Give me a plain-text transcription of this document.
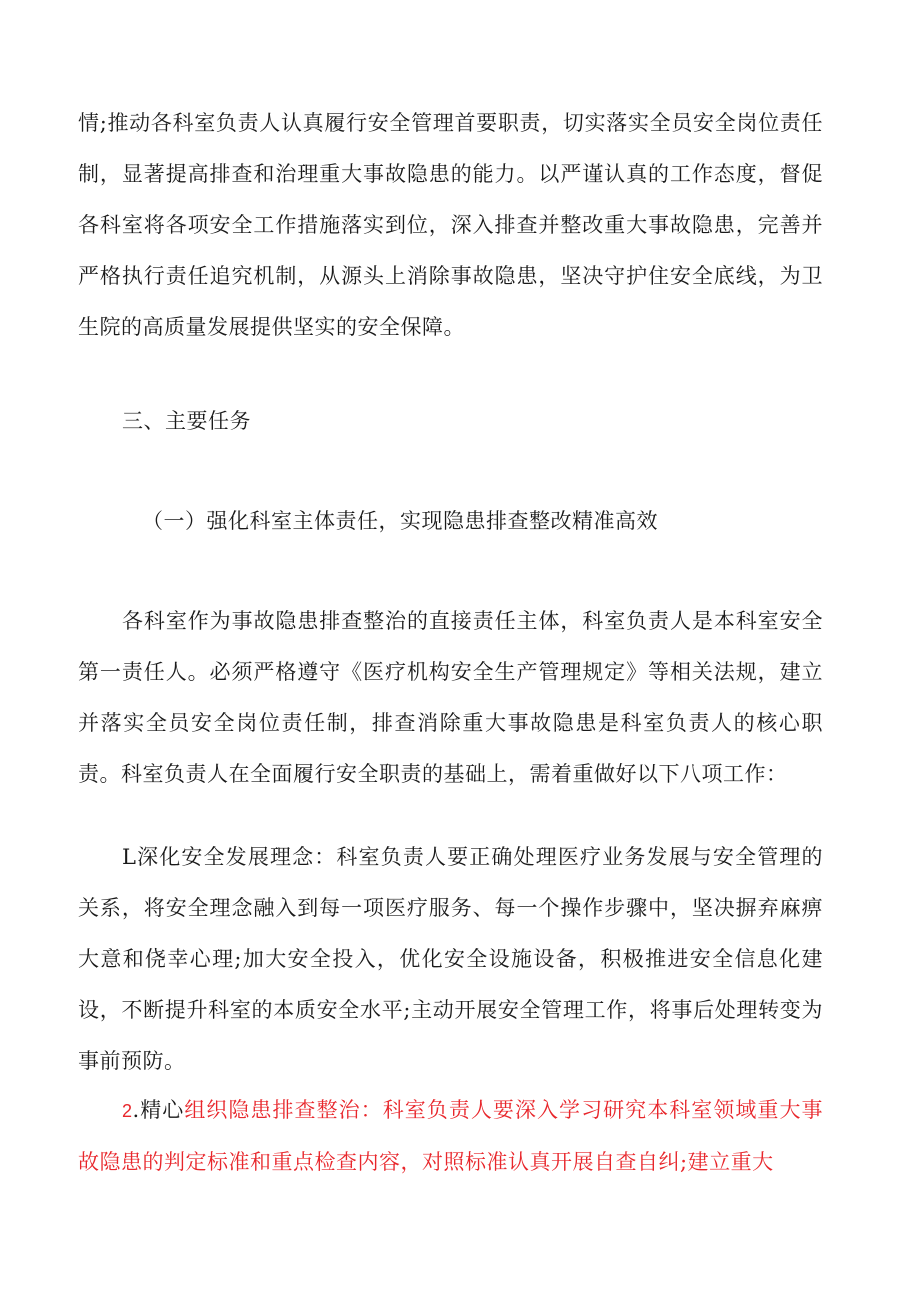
情;推动各科室负责人认真履行安全管理首要职责，切实落实全员安全岗位责任制，显著提高排查和治理重大事故隐患的能力。以严谨认真的工作态度，督促各科室将各项安全工作措施落实到位，深入排查并整改重大事故隐患，完善并严格执行责任追究机制，从源头上消除事故隐患，坚决守护住安全底线，为卫生院的高质量发展提供坚实的安全保障。

三、主要任务
（一）强化科室主体责任，实现隐患排查整改精准高效

各科室作为事故隐患排查整治的直接责任主体，科室负责人是本科室安全第一责任人。必须严格遵守《医疗机构安全生产管理规定》等相关法规，建立并落实全员安全岗位责任制，排查消除重大事故隐患是科室负责人的核心职责。科室负责人在全面履行安全职责的基础上，需着重做好以下八项工作：

L深化安全发展理念：科室负责人要正确处理医疗业务发展与安全管理的关系，将安全理念融入到每一项医疗服务、每一个操作步骤中，坚决摒弃麻痹大意和侥幸心理;加大安全投入，优化安全设施设备，积极推进安全信息化建设，不断提升科室的本质安全水平;主动开展安全管理工作，将事后处理转变为事前预防。

2.精心组织隐患排查整治：科室负责人要深入学习研究本科室领域重大事故隐患的判定标准和重点检查内容，对照标准认真开展自查自纠;建立重大
